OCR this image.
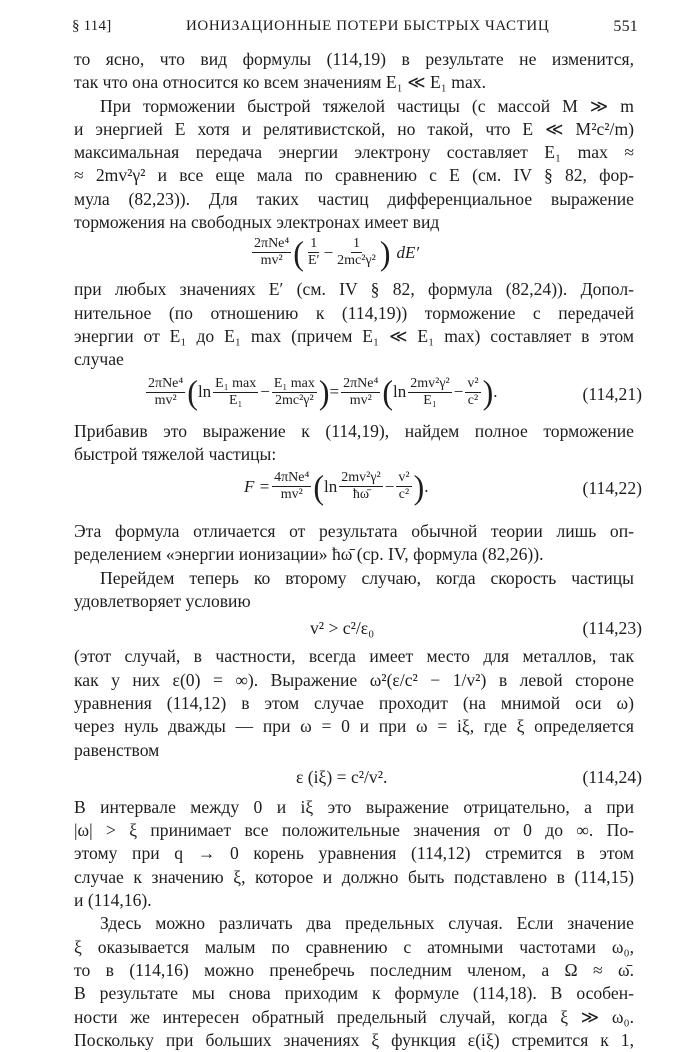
§ 114]	ИОНИЗАЦИОННЫЕ ПОТЕРИ БЫСТРЫХ ЧАСТИЦ	551
то ясно, что вид формулы (114,19) в результате не изменится,
так что она относится ко всем значениям E₁ ≪ E₁ max.
При торможении быстрой тяжелой частицы (с массой M ≫ m
и энергией E хотя и релятивистской, но такой, что E ≪ M²c²/m)
максимальная передача энергии электрону составляет E₁ max ≈
≈ 2mv²γ² и все еще мала по сравнению с E (см. IV § 82, фор-
мула (82,23)). Для таких частиц дифференциальное выражение
торможения на свободных электронах имеет вид
$\frac{\text{2πNe⁴}}{\text{mv²}}$ ( $\frac{1}{E'} - \frac{1}{\text{2mc²γ²}}$ ) dE′
при любых значениях E′ (см. IV § 82, формула (82,24)). Допол-
нительное (по отношению к (114,19)) торможение с передачей
энергии от E₁ до E₁ max (причем E₁ ≪ E₁ max) составляет в этом
случае
$\frac{\text{2πNe⁴}}{\text{mv²}}$ ( $\ln \frac{\text{E₁ max}}{\text{E₁}} - \frac{\text{E₁ max}}{\text{2mc²γ²}}$ ) = $\frac{\text{2πNe⁴}}{\text{mv²}}$ ( $\ln \frac{\text{2mv²γ²}}{\text{E₁}} - \frac{\text{v²}}{\text{c²}}$ ) .	(114,21)
Прибавив это выражение к (114,19), найдем полное торможение
быстрой тяжелой частицы:
$F = \frac{\text{4πNe⁴}}{\text{mv²}}$ ( $\ln \frac{\text{2mv²γ²}}{ħ\omegā} - \frac{\text{v²}}{\text{c²}}$ ) .	(114,22)
Эта формула отличается от результата обычной теории лишь оп-
ределением «энергии ионизации» ħω̄ (ср. IV, формула (82,26)).
Перейдем теперь ко второму случаю, когда скорость частицы
удовлетворяет условию
v² > c²/ε₀	(114,23)
(этот случай, в частности, всегда имеет место для металлов, так
как у них ε(0) = ∞). Выражение ω²(ε/c² − 1/v²) в левой стороне
уравнения (114,12) в этом случае проходит (на мнимой оси ω)
через нуль дважды — при ω = 0 и при ω = iξ, где ξ определяется
равенством
ε (iξ) = c²/v².	(114,24)
В интервале между 0 и iξ это выражение отрицательно, а при
|ω| > ξ принимает все положительные значения от 0 до ∞. По-
этому при q → 0 корень уравнения (114,12) стремится в этом
случае к значению ξ, которое и должно быть подставлено в (114,15)
и (114,16).
Здесь можно различать два предельных случая. Если значение
ξ оказывается малым по сравнению с атомными частотами ω₀,
то в (114,16) можно пренебречь последним членом, а Ω ≈ ω̄.
В результате мы снова приходим к формуле (114,18). В особен-
ности же интересен обратный предельный случай, когда ξ ≫ ω₀.
Поскольку при больших значениях ξ функция ε(iξ) стремится к 1,
